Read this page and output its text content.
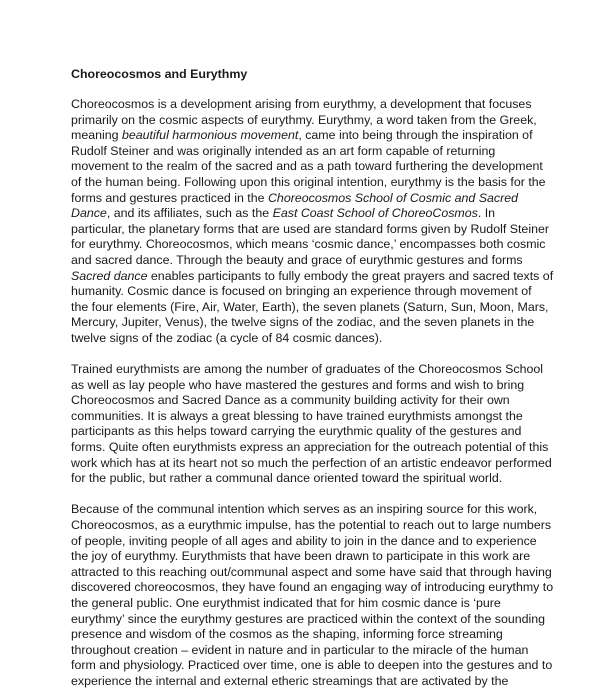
Choreocosmos and Eurythmy
Choreocosmos is a development arising from eurythmy, a development that focuses
primarily on the cosmic aspects of eurythmy. Eurythmy, a word taken from the Greek,
meaning beautiful harmonious movement, came into being through the inspiration of
Rudolf Steiner and was originally intended as an art form capable of returning
movement to the realm of the sacred and as a path toward furthering the development
of the human being. Following upon this original intention, eurythmy is the basis for the
forms and gestures practiced in the Choreocosmos School of Cosmic and Sacred
Dance, and its affiliates, such as the East Coast School of ChoreoCosmos. In
particular, the planetary forms that are used are standard forms given by Rudolf Steiner
for eurythmy. Choreocosmos, which means ‘cosmic dance,’ encompasses both cosmic
and sacred dance. Through the beauty and grace of eurythmic gestures and forms
Sacred dance enables participants to fully embody the great prayers and sacred texts of
humanity. Cosmic dance is focused on bringing an experience through movement of
the four elements (Fire, Air, Water, Earth), the seven planets (Saturn, Sun, Moon, Mars,
Mercury, Jupiter, Venus), the twelve signs of the zodiac, and the seven planets in the
twelve signs of the zodiac (a cycle of 84 cosmic dances).
Trained eurythmists are among the number of graduates of the Choreocosmos School
as well as lay people who have mastered the gestures and forms and wish to bring
Choreocosmos and Sacred Dance as a community building activity for their own
communities. It is always a great blessing to have trained eurythmists amongst the
participants as this helps toward carrying the eurythmic quality of the gestures and
forms. Quite often eurythmists express an appreciation for the outreach potential of this
work which has at its heart not so much the perfection of an artistic endeavor performed
for the public, but rather a communal dance oriented toward the spiritual world.
Because of the communal intention which serves as an inspiring source for this work,
Choreocosmos, as a eurythmic impulse, has the potential to reach out to large numbers
of people, inviting people of all ages and ability to join in the dance and to experience
the joy of eurythmy. Eurythmists that have been drawn to participate in this work are
attracted to this reaching out/communal aspect and some have said that through having
discovered choreocosmos, they have found an engaging way of introducing eurythmy to
the general public. One eurythmist indicated that for him cosmic dance is ‘pure
eurythmy’ since the eurythmy gestures are practiced within the context of the sounding
presence and wisdom of the cosmos as the shaping, informing force streaming
throughout creation – evident in nature and in particular to the miracle of the human
form and physiology. Practiced over time, one is able to deepen into the gestures and to
experience the internal and external etheric streamings that are activated by the
